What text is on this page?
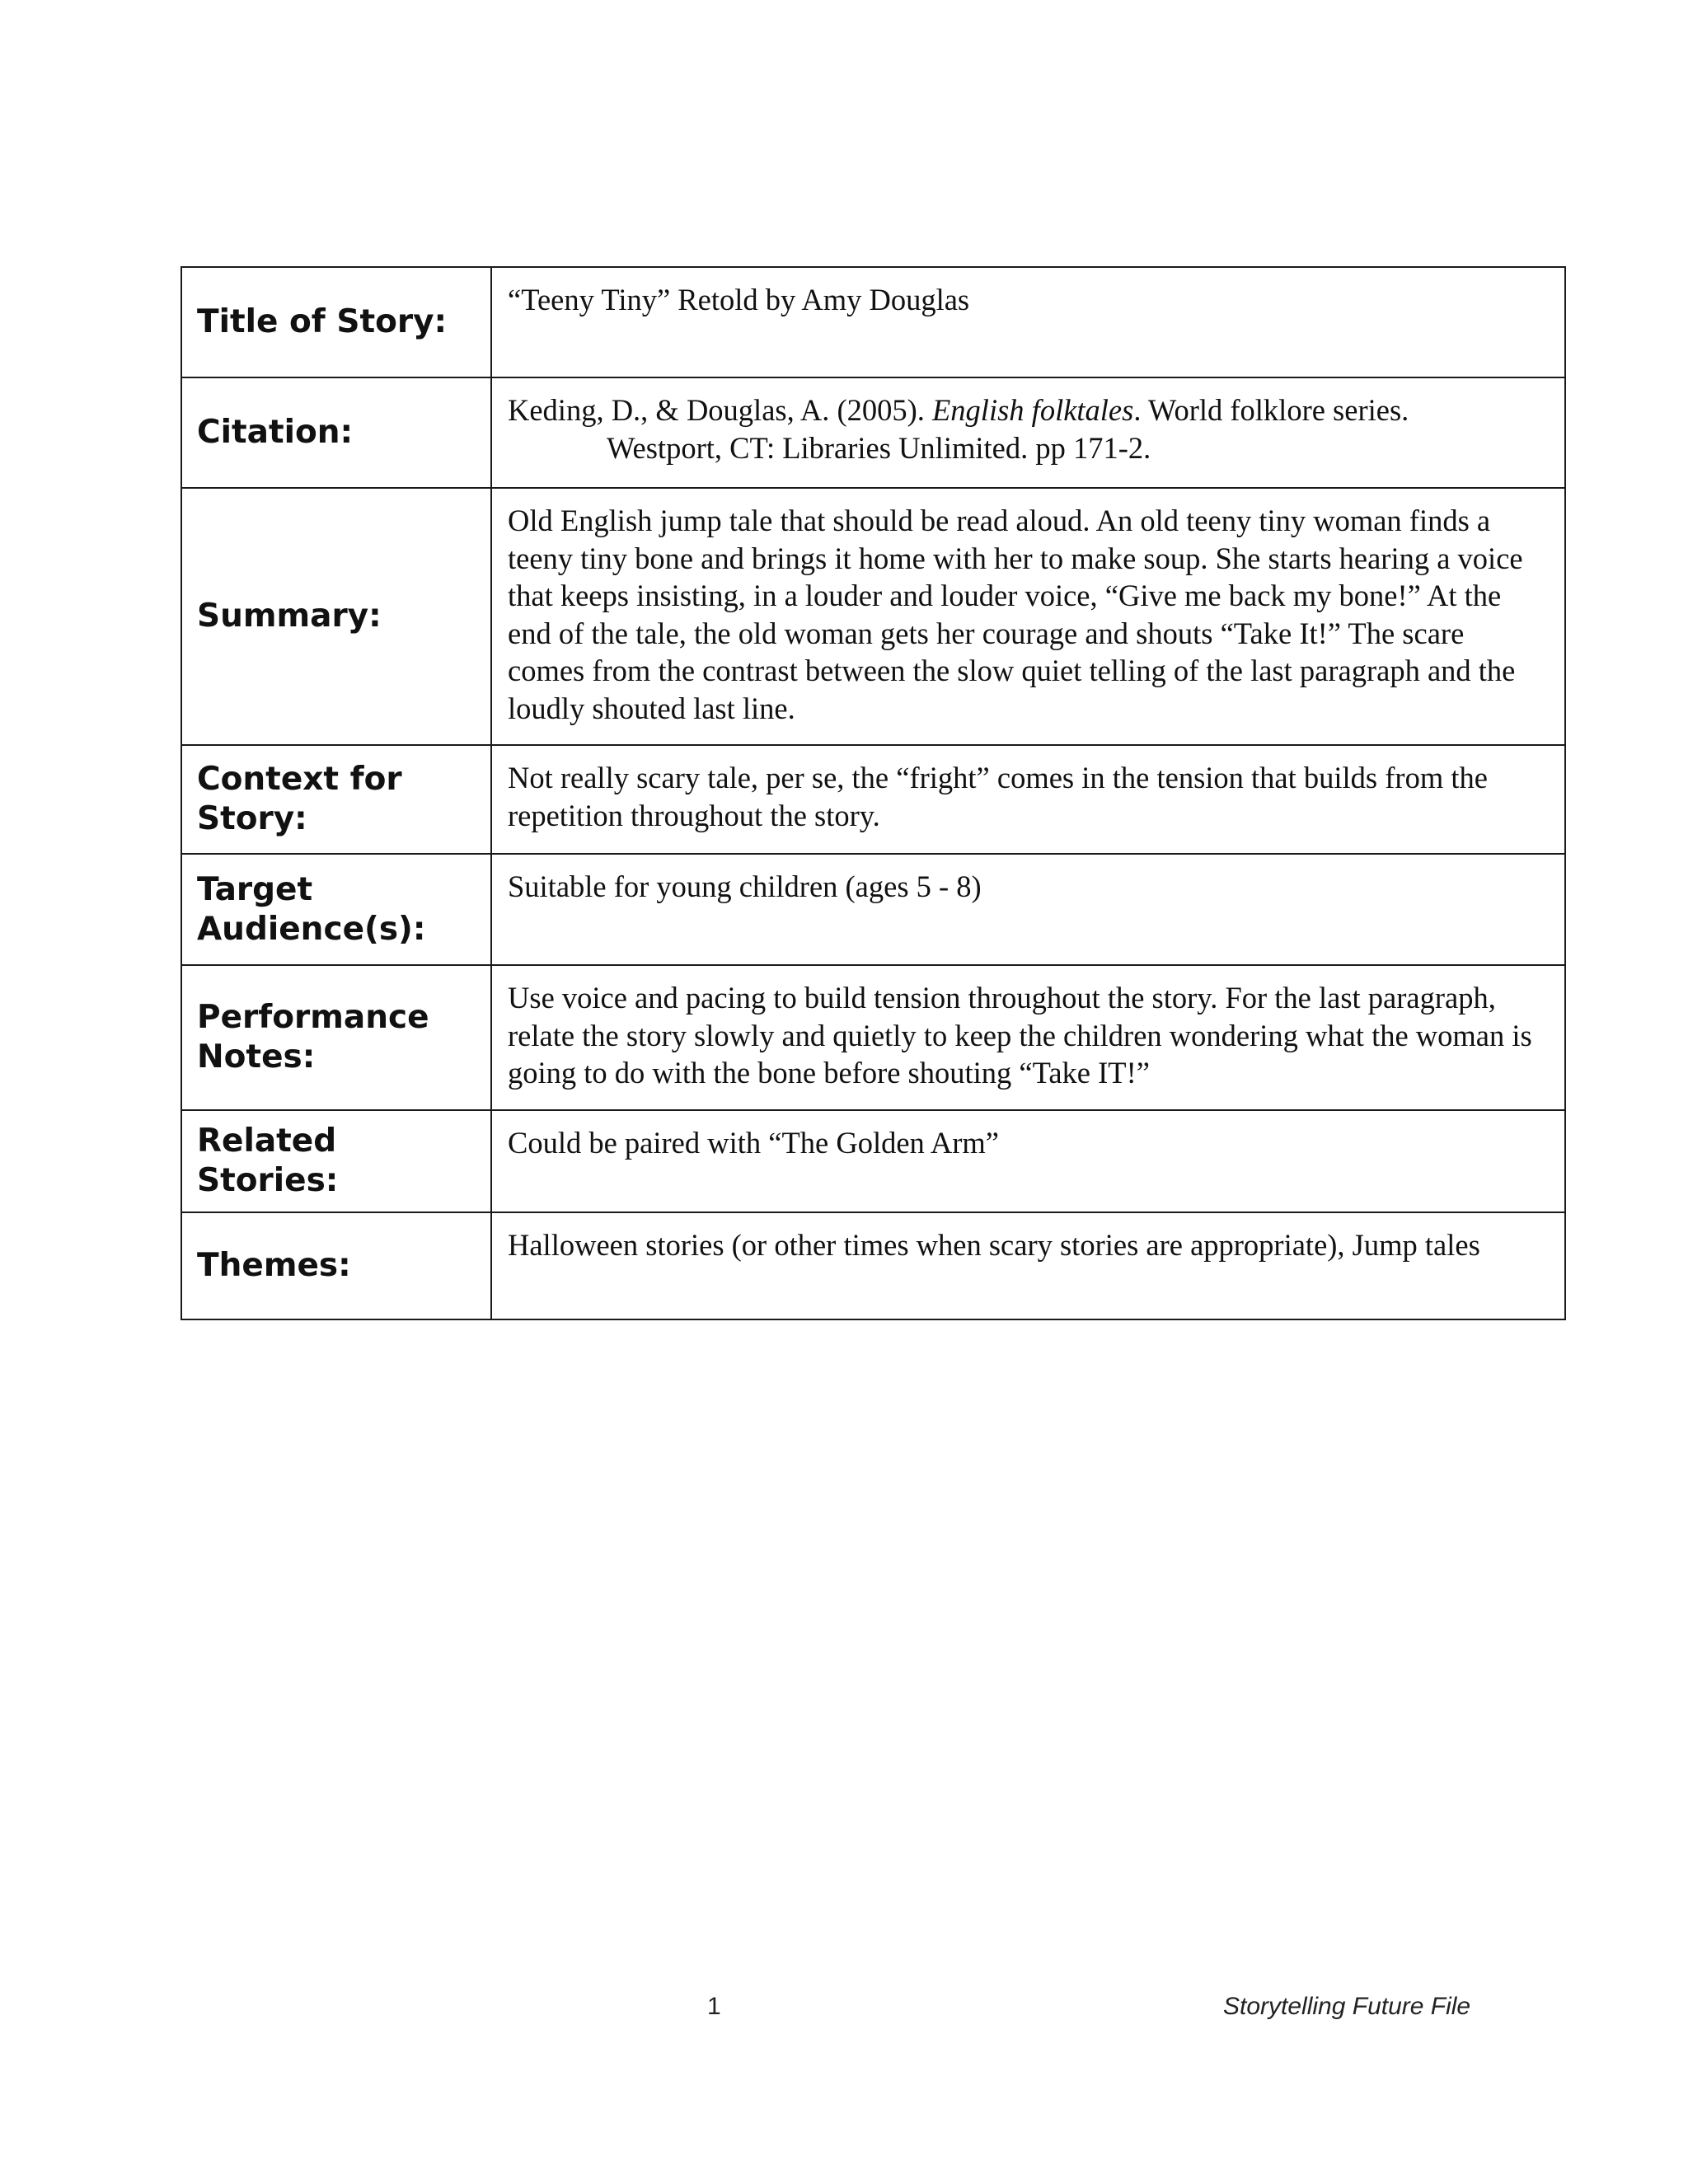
Title of Story:	“Teeny Tiny” Retold by Amy Douglas

Citation:	Keding, D., & Douglas, A. (2005). English folktales. World folklore series.
Westport, CT: Libraries Unlimited. pp 171-2.

Summary:	Old English jump tale that should be read aloud. An old teeny tiny woman finds a teeny tiny bone and brings it home with her to make soup. She starts hearing a voice that keeps insisting, in a louder and louder voice, “Give me back my bone!” At the end of the tale, the old woman gets her courage and shouts “Take It!” The scare comes from the contrast between the slow quiet telling of the last paragraph and the loudly shouted last line.

Context for
Story:	Not really scary tale, per se, the “fright” comes in the tension that builds from the repetition throughout the story.

Target
Audience(s):	Suitable for young children (ages 5 - 8)

Performance
Notes:	Use voice and pacing to build tension throughout the story. For the last paragraph, relate the story slowly and quietly to keep the children wondering what the woman is going to do with the bone before shouting “Take IT!”

Related Stories:	Could be paired with “The Golden Arm”

Themes:	Halloween stories (or other times when scary stories are appropriate), Jump tales
1	Storytelling Future File
